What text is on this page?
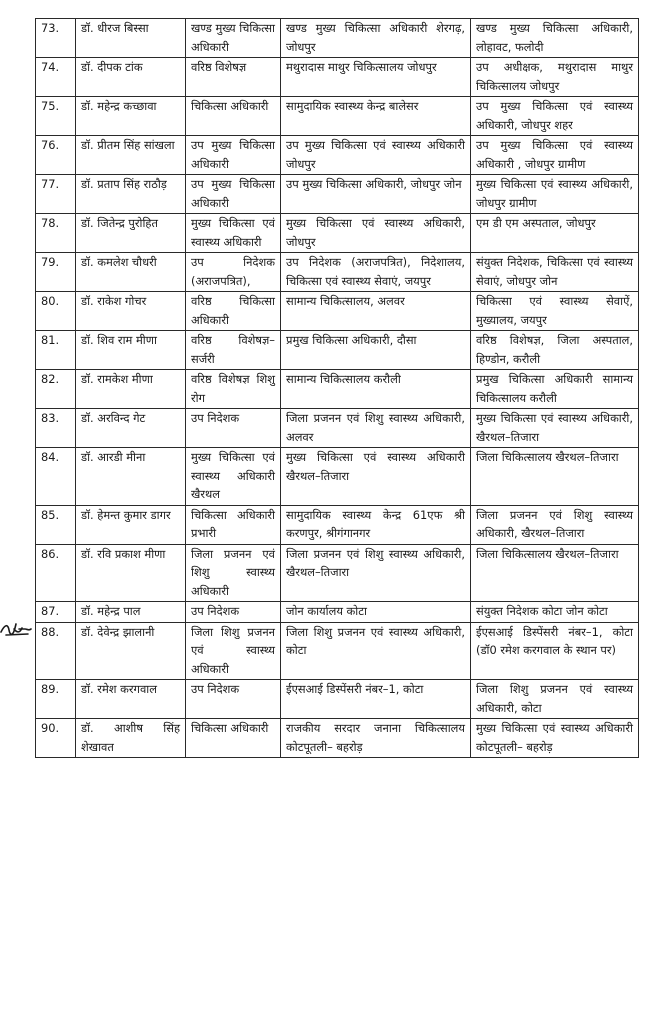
73.	डॉ. धीरज बिस्सा	खण्ड मुख्य चिकित्सा अधिकारी	खण्ड मुख्य चिकित्सा अधिकारी शेरगढ़, जोधपुर	खण्ड मुख्य चिकित्सा अधिकारी, लोहावट, फलोदी
74.	डॉ. दीपक टांक	वरिष्ठ विशेषज्ञ	मथुरादास माथुर चिकित्सालय जोधपुर	उप अधीक्षक, मथुरादास माथुर चिकित्सालय जोधपुर
75.	डॉ. महेन्द्र कच्छावा	चिकित्सा अधिकारी	सामुदायिक स्वास्थ्य केन्द्र बालेसर	उप मुख्य चिकित्सा एवं स्वास्थ्य अधिकारी, जोधपुर शहर
76.	डॉ. प्रीतम सिंह सांखला	उप मुख्य चिकित्सा अधिकारी	उप मुख्य चिकित्सा एवं स्वास्थ्य अधिकारी जोधपुर	उप मुख्य चिकित्सा एवं स्वास्थ्य अधिकारी , जोधपुर ग्रामीण
77.	डॉ. प्रताप सिंह राठौड़	उप मुख्य चिकित्सा अधिकारी	उप मुख्य चिकित्सा अधिकारी, जोधपुर जोन	मुख्य चिकित्सा एवं स्वास्थ्य अधिकारी, जोधपुर ग्रामीण
78.	डॉ. जितेन्द्र पुरोहित	मुख्य चिकित्सा एवं स्वास्थ्य अधिकारी	मुख्य चिकित्सा एवं स्वास्थ्य अधिकारी, जोधपुर	एम डी एम अस्पताल, जोधपुर
79.	डॉ. कमलेश चौधरी	उप निदेशक (अराजपत्रित),	उप निदेशक (अराजपत्रित), निदेशालय, चिकित्सा एवं स्वास्थ्य सेवाएं, जयपुर	संयुक्त निदेशक, चिकित्सा एवं स्वास्थ्य सेवाएं, जोधपुर जोन
80.	डॉ. राकेश गोचर	वरिष्ठ चिकित्सा अधिकारी	सामान्य चिकित्सालय, अलवर	चिकित्सा एवं स्वास्थ्य सेवाऐं, मुख्यालय, जयपुर
81.	डॉ. शिव राम मीणा	वरिष्ठ विशेषज्ञ– सर्जरी	प्रमुख चिकित्सा अधिकारी, दौसा	वरिष्ठ विशेषज्ञ, जिला अस्पताल, हिण्डोन, करौली
82.	डॉ. रामकेश मीणा	वरिष्ठ विशेषज्ञ शिशु रोग	सामान्य चिकित्सालय करौली	प्रमुख चिकित्सा अधिकारी सामान्य चिकित्सालय करौली
83.	डॉ. अरविन्द गेट	उप निदेशक	जिला प्रजनन एवं शिशु स्वास्थ्य अधिकारी, अलवर	मुख्य चिकित्सा एवं स्वास्थ्य अधिकारी, खैरथल–तिजारा
84.	डॉ. आरडी मीना	मुख्य चिकित्सा एवं स्वास्थ्य अधिकारी खैरथल	मुख्य चिकित्सा एवं स्वास्थ्य अधिकारी खैरथल–तिजारा	जिला चिकित्सालय खैरथल–तिजारा
85.	डॉ. हेमन्त कुमार डागर	चिकित्सा अधिकारी प्रभारी	सामुदायिक स्वास्थ्य केन्द्र 61एफ श्री करणपुर, श्रीगंगानगर	जिला प्रजनन एवं शिशु स्वास्थ्य अधिकारी, खैरथल–तिजारा
86.	डॉ. रवि प्रकाश मीणा	जिला प्रजनन एवं शिशु स्वास्थ्य अधिकारी	जिला प्रजनन एवं शिशु स्वास्थ्य अधिकारी, खैरथल–तिजारा	जिला चिकित्सालय खैरथल–तिजारा
87.	डॉ. महेन्द्र पाल	उप निदेशक	जोन कार्यालय कोटा	संयुक्त निदेशक कोटा जोन कोटा
88.	डॉ. देवेन्द्र झालानी	जिला शिशु प्रजनन एवं स्वास्थ्य अधिकारी	जिला शिशु प्रजनन एवं स्वास्थ्य अधिकारी, कोटा	ईएसआई डिस्पेंसरी नंबर–1, कोटा (डॉ0 रमेश करगवाल के स्थान पर)
89.	डॉ. रमेश करगवाल	उप निदेशक	ईएसआई डिस्पेंसरी नंबर–1, कोटा	जिला शिशु प्रजनन एवं स्वास्थ्य अधिकारी, कोटा
90.	डॉ. आशीष सिंह शेखावत	चिकित्सा अधिकारी	राजकीय सरदार जनाना चिकित्सालय कोटपूतली– बहरोड़	मुख्य चिकित्सा एवं स्वास्थ्य अधिकारी कोटपूतली– बहरोड़
